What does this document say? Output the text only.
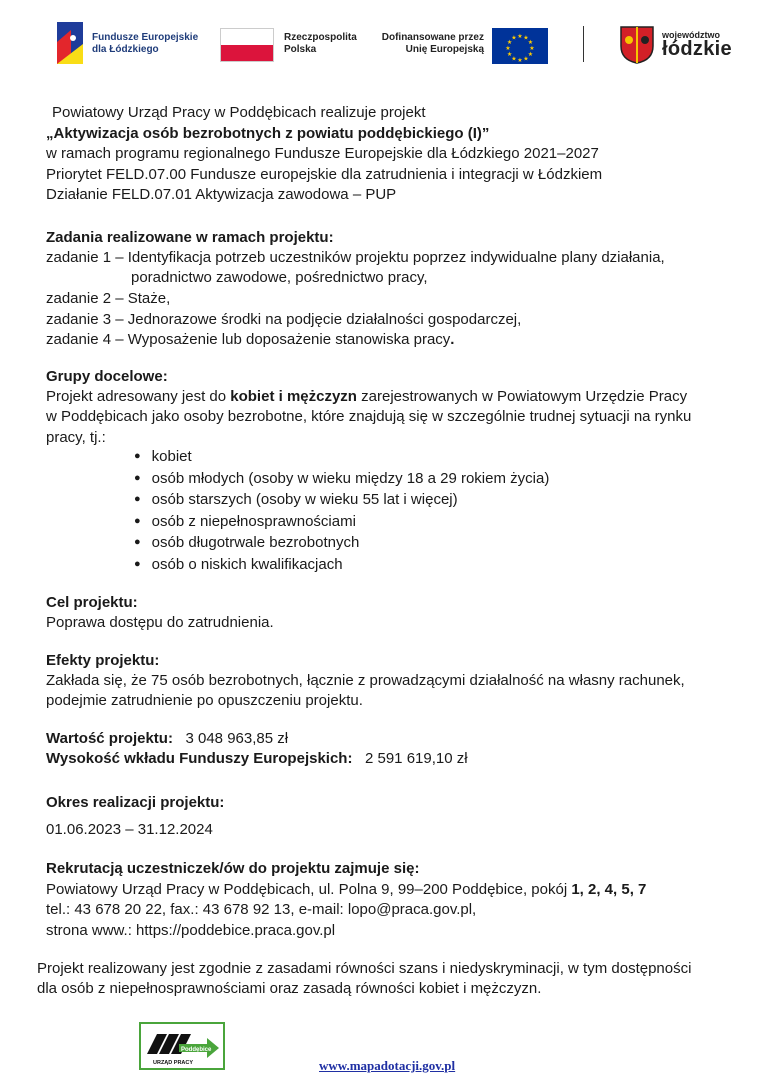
Fundusze Europejskie
dla Łódzkiego
Rzeczpospolita
Polska
Dofinansowane przez
Unię Europejską
★ ★
★
★
★
★
★
★
★
★
★
★	województwo
łódzkie
Powiatowy Urząd Pracy w Poddębicach realizuje projekt
„Aktywizacja osób bezrobotnych z powiatu poddębickiego (I)”
w ramach programu regionalnego Fundusze Europejskie dla Łódzkiego 2021–2027
Priorytet FELD.07.00 Fundusze europejskie dla zatrudnienia i integracji w Łódzkiem
Działanie FELD.07.01 Aktywizacja zawodowa – PUP
Zadania realizowane w ramach projektu:
zadanie 1 – Identyfikacja potrzeb uczestników projektu poprzez indywidualne plany działania,
poradnictwo zawodowe, pośrednictwo pracy,
zadanie 2 – Staże,
zadanie 3 – Jednorazowe środki na podjęcie działalności gospodarczej,
zadanie 4 – Wyposażenie lub doposażenie stanowiska pracy.
Grupy docelowe:
Projekt adresowany jest do kobiet i mężczyzn zarejestrowanych w Powiatowym Urzędzie Pracy
w Poddębicach jako osoby bezrobotne, które znajdują się w szczególnie trudnej sytuacji na rynku
pracy, tj.:
● kobiet
● osób młodych (osoby w wieku między 18 a 29 rokiem życia)
● osób starszych (osoby w wieku 55 lat i więcej)
● osób z niepełnosprawnościami
● osób długotrwale bezrobotnych
● osób o niskich kwalifikacjach
Cel projektu:
Poprawa dostępu do zatrudnienia.
Efekty projektu:
Zakłada się, że 75 osób bezrobotnych, łącznie z prowadzącymi działalność na własny rachunek,
podejmie zatrudnienie po opuszczeniu projektu.
Wartość projektu: 3 048 963,85 zł
Wysokość wkładu Funduszy Europejskich: 2 591 619,10 zł
Okres realizacji projektu:
01.06.2023 – 31.12.2024
Rekrutacją uczestniczek/ów do projektu zajmuje się:
Powiatowy Urząd Pracy w Poddębicach, ul. Polna 9, 99–200 Poddębice, pokój 1, 2, 4, 5, 7
tel.: 43 678 20 22, fax.: 43 678 92 13, e-mail: lopo@praca.gov.pl,
strona www.: https://poddebice.praca.gov.pl
Projekt realizowany jest zgodnie z zasadami równości szans i niedyskryminacji, w tym dostępności
dla osób z niepełnosprawnościami oraz zasadą równości kobiet i mężczyzn.
Poddębice
URZĄD PRACY	www.mapadotacji.gov.pl
